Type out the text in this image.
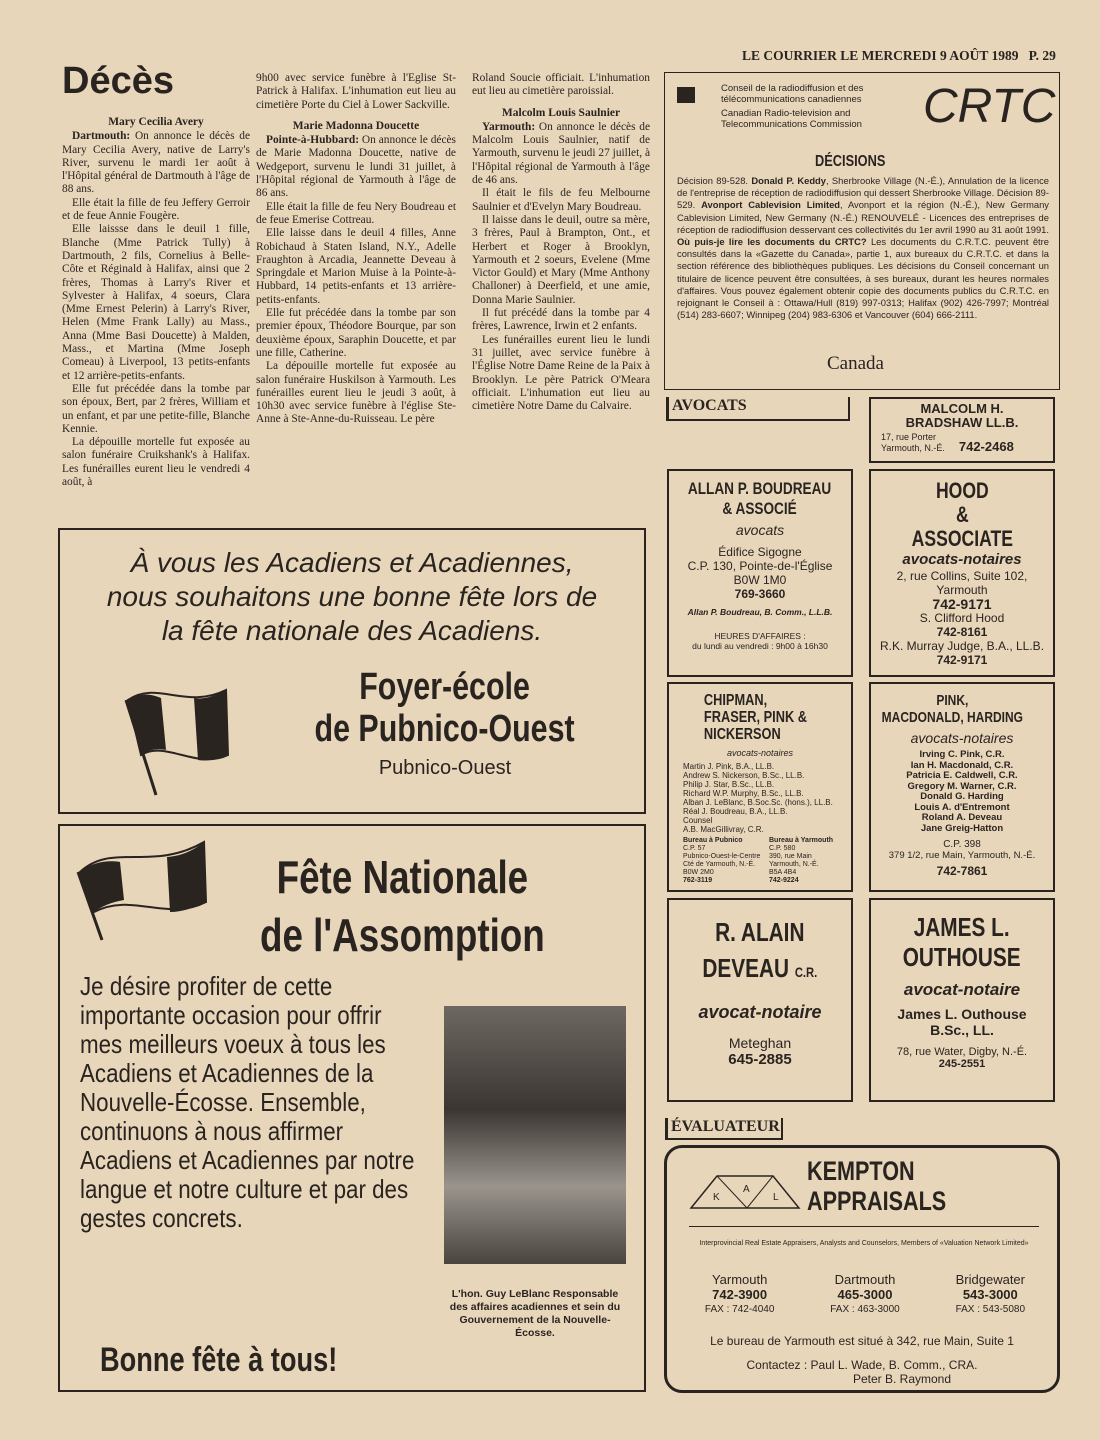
LE COURRIER LE MERCREDI 9 AOÛT 1989 P. 29
Décès
Mary Cecilia Avery

Dartmouth: On annonce le décès de Mary Cecilia Avery, native de Larry's River, survenu le mardi 1er août à l'Hôpital général de Dartmouth à l'âge de 88 ans.

Elle était la fille de feu Jeffery Gerroir et de feue Annie Fougère.

Elle laissse dans le deuil 1 fille, Blanche (Mme Patrick Tully) à Dartmouth, 2 fils, Cornelius à Belle-Côte et Réginald à Halifax, ainsi que 2 frères, Thomas à Larry's River et Sylvester à Halifax, 4 soeurs, Clara (Mme Ernest Pelerin) à Larry's River, Helen (Mme Frank Lally) au Mass., Anna (Mme Basi Doucette) à Malden, Mass., et Martina (Mme Joseph Comeau) à Liverpool, 13 petits-enfants et 12 arrière-petits-enfants.

Elle fut précédée dans la tombe par son époux, Bert, par 2 frères, William et un enfant, et par une petite-fille, Blanche Kennie.

La dépouille mortelle fut exposée au salon funéraire Cruikshank's à Halifax. Les funérailles eurent lieu le vendredi 4 août, à

9h00 avec service funèbre à l'Eglise St-Patrick à Halifax. L'inhumation eut lieu au cimetière Porte du Ciel à Lower Sackville.

Marie Madonna Doucette

Pointe-à-Hubbard: On annonce le décès de Marie Madonna Doucette, native de Wedgeport, survenu le lundi 31 juillet, à l'Hôpital régional de Yarmouth à l'âge de 86 ans.

Elle était la fille de feu Nery Boudreau et de feue Emerise Cottreau.

Elle laisse dans le deuil 4 filles, Anne Robichaud à Staten Island, N.Y., Adelle Fraughton à Arcadia, Jeannette Deveau à Springdale et Marion Muise à la Pointe-à-Hubbard, 14 petits-enfants et 13 arrière-petits-enfants.

Elle fut précédée dans la tombe par son premier époux, Théodore Bourque, par son deuxième époux, Saraphin Doucette, et par une fille, Catherine.

La dépouille mortelle fut exposée au salon funéraire Huskilson à Yarmouth. Les funérailles eurent lieu le jeudi 3 août, à 10h30 avec service funèbre à l'église Ste-Anne à Ste-Anne-du-Ruisseau. Le père

Roland Soucie officiait. L'inhumation eut lieu au cimetière paroissial.

Malcolm Louis Saulnier

Yarmouth: On annonce le décès de Malcolm Louis Saulnier, natif de Yarmouth, survenu le jeudi 27 juillet, à l'Hôpital régional de Yarmouth à l'âge de 46 ans.

Il était le fils de feu Melbourne Saulnier et d'Evelyn Mary Boudreau.

Il laisse dans le deuil, outre sa mère, 3 frères, Paul à Brampton, Ont., et Herbert et Roger à Brooklyn, Yarmouth et 2 soeurs, Evelene (Mme Victor Gould) et Mary (Mme Anthony Challoner) à Deerfield, et une amie, Donna Marie Saulnier.

Il fut précédé dans la tombe par 4 frères, Lawrence, Irwin et 2 enfants.

Les funérailles eurent lieu le lundi 31 juillet, avec service funèbre à l'Église Notre Dame Reine de la Paix à Brooklyn. Le père Patrick O'Meara officiait. L'inhumation eut lieu au cimetière Notre Dame du Calvaire.

Conseil de la radiodiffusion et des télécommunications canadiennes
Canadian Radio-television and Telecommunications Commission	CRTC
DÉCISIONS
Décision 89-528. Donald P. Keddy, Sherbrooke Village (N.-É.), Annulation de la licence de l'entreprise de réception de radiodiffusion qui dessert Sherbrooke Village. Décision 89-529. Avonport Cablevision Limited, Avonport et la région (N.-É.), New Germany Cablevision Limited, New Germany (N.-É.) RENOUVELÉ - Licences des entreprises de réception de radiodiffusion desservant ces collectivités du 1er avril 1990 au 31 août 1991. Où puis-je lire les documents du CRTC? Les documents du C.R.T.C. peuvent être consultés dans la «Gazette du Canada», partie 1, aux bureaux du C.R.T.C. et dans la section référence des bibliothèques publiques. Les décisions du Conseil concernant un titulaire de licence peuvent être consultées, à ses bureaux, durant les heures normales d'affaires. Vous pouvez également obtenir copie des documents publics du C.R.T.C. en rejoignant le Conseil à : Ottawa/Hull (819) 997-0313; Halifax (902) 426-7997; Montréal (514) 283-6607; Winnipeg (204) 983-6306 et Vancouver (604) 666-2111.
Canada
AVOCATS	MALCOLM H. BRADSHAW LL.B.
17, rue Porter
Yarmouth, N.-É. 742-2468
ALLAN P. BOUDREAU
& ASSOCIÉ
avocats
Édifice Sigogne
C.P. 130, Pointe-de-l'Église
B0W 1M0
769-3660
Allan P. Boudreau, B. Comm., L.L.B.
HEURES D'AFFAIRES :
du lundi au vendredi : 9h00 à 16h30
HOOD
&
ASSOCIATE
avocats-notaires
2, rue Collins, Suite 102,
Yarmouth
742-9171
S. Clifford Hood
742-8161
R.K. Murray Judge, B.A., LL.B.
742-9171
CHIPMAN,
FRASER, PINK &
NICKERSON
avocats-notaires
Martin J. Pink, B.A., LL.B.
Andrew S. Nickerson, B.Sc., LL.B.
Philip J. Star, B.Sc., LL.B.
Richard W.P. Murphy, B.Sc., LL.B.
Alban J. LeBlanc, B.Soc.Sc. (hons.), LL.B.
Réal J. Boudreau, B.A., LL.B.
Counsel
A.B. MacGillivray, C.R.
Bureau à Pubnico
C.P. 57
Pubnico-Ouest-le-Centre
Cté de Yarmouth, N.-É.
B0W 2M0
762-3119
Bureau à Yarmouth
C.P. 580
390, rue Main
Yarmouth, N.-É.
B5A 4B4
742-9224
PINK,
MACDONALD, HARDING
avocats-notaires
Irving C. Pink, C.R.
Ian H. Macdonald, C.R.
Patricia E. Caldwell, C.R.
Gregory M. Warner, C.R.
Donald G. Harding
Louis A. d'Entremont
Roland A. Deveau
Jane Greig-Hatton
C.P. 398
379 1/2, rue Main, Yarmouth, N.-É.
742-7861
R. ALAIN
DEVEAU C.R.
avocat-notaire
Meteghan
645-2885
JAMES L.
OUTHOUSE
avocat-notaire
James L. Outhouse
B.Sc., LL.
78, rue Water, Digby, N.-É.
245-2551
ÉVALUATEUR
K
A
L
KEMPTON
APPRAISALS
Interprovincial Real Estate Appraisers, Analysts and Counselors, Members of «Valuation Network Limited»
Yarmouth
742-3900
FAX : 742-4040
Dartmouth
465-3000
FAX : 463-3000
Bridgewater
543-3000
FAX : 543-5080
Le bureau de Yarmouth est situé à 342, rue Main, Suite 1
Contactez : Paul L. Wade, B. Comm., CRA.
Peter B. Raymond
À vous les Acadiens et Acadiennes, nous souhaitons une bonne fête lors de la fête nationale des Acadiens.
Foyer-école
de Pubnico-Ouest
Pubnico-Ouest
Fête Nationale
de l'Assomption
Je désire profiter de cette importante occasion pour offrir mes meilleurs voeux à tous les Acadiens et Acadiennes de la Nouvelle-Écosse. Ensemble, continuons à nous affirmer Acadiens et Acadiennes par notre langue et notre culture et par des gestes concrets.
L'hon. Guy LeBlanc Responsable des affaires acadiennes et sein du Gouvernement de la Nouvelle-Écosse.
Bonne fête à tous!
